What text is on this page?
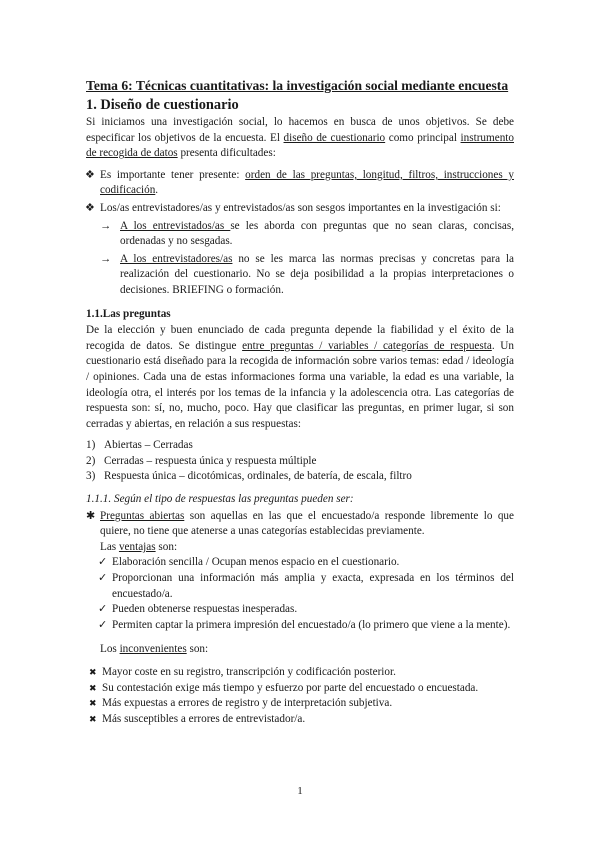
Tema 6: Técnicas cuantitativas: la investigación social mediante encuesta

1. Diseño de cuestionario

Si iniciamos una investigación social, lo hacemos en busca de unos objetivos. Se debe especificar los objetivos de la encuesta. El diseño de cuestionario como principal instrumento de recogida de datos presenta dificultades:

❖ Es importante tener presente: orden de las preguntas, longitud, filtros, instrucciones y codificación.
❖ Los/as entrevistadores/as y entrevistados/as son sesgos importantes en la investigación si:
→ A los entrevistados/as se les aborda con preguntas que no sean claras, concisas, ordenadas y no sesgadas.
→ A los entrevistadores/as no se les marca las normas precisas y concretas para la realización del cuestionario. No se deja posibilidad a la propias interpretaciones o decisiones. BRIEFING o formación.
1.1.Las preguntas

De la elección y buen enunciado de cada pregunta depende la fiabilidad y el éxito de la recogida de datos. Se distingue entre preguntas / variables / categorías de respuesta. Un cuestionario está diseñado para la recogida de información sobre varios temas: edad / ideología / opiniones. Cada una de estas informaciones forma una variable, la edad es una variable, la ideología otra, el interés por los temas de la infancia y la adolescencia otra. Las categorías de respuesta son: sí, no, mucho, poco. Hay que clasificar las preguntas, en primer lugar, si son cerradas y abiertas, en relación a sus respuestas:

1) Abiertas – Cerradas
2) Cerradas – respuesta única y respuesta múltiple
3) Respuesta única – dicotómicas, ordinales, de batería, de escala, filtro
1.1.1. Según el tipo de respuestas las preguntas pueden ser:
✱ Preguntas abiertas son aquellas en las que el encuestado/a responde libremente lo que quiere, no tiene que atenerse a unas categorías establecidas previamente.
Las ventajas son:
✓ Elaboración sencilla / Ocupan menos espacio en el cuestionario.
✓ Proporcionan una información más amplia y exacta, expresada en los términos del encuestado/a.
✓ Pueden obtenerse respuestas inesperadas.
✓ Permiten captar la primera impresión del encuestado/a (lo primero que viene a la mente).
Los inconvenientes son:
✖ Mayor coste en su registro, transcripción y codificación posterior.
✖ Su contestación exige más tiempo y esfuerzo por parte del encuestado o encuestada.
✖ Más expuestas a errores de registro y de interpretación subjetiva.
✖ Más susceptibles a errores de entrevistador/a.
1
